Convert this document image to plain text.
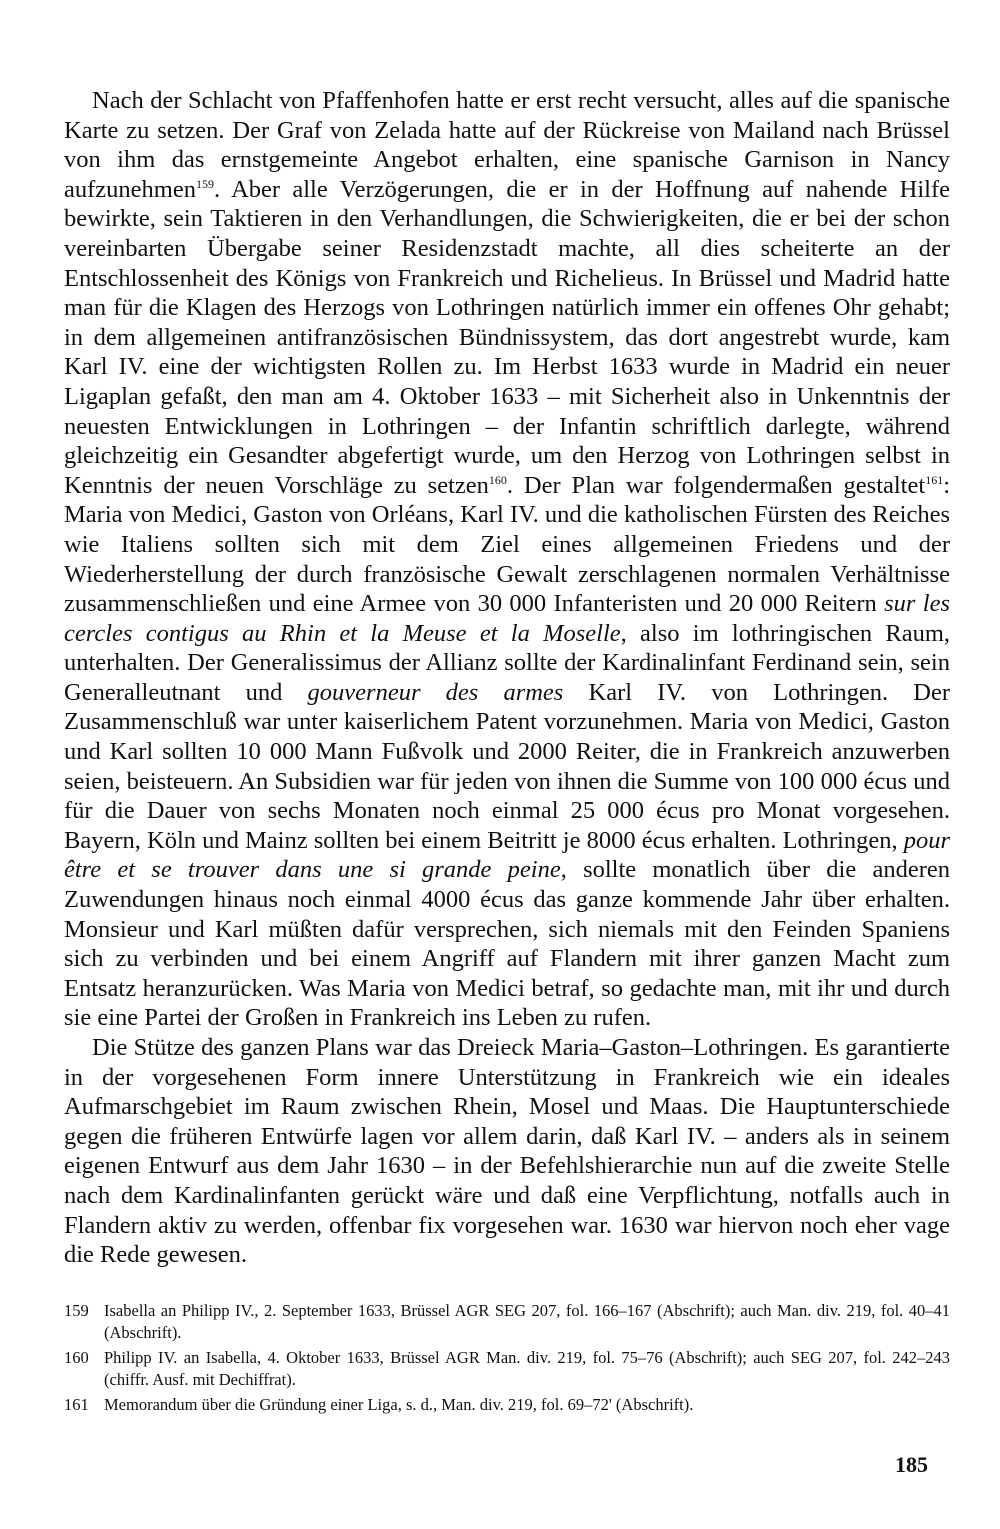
Nach der Schlacht von Pfaffenhofen hatte er erst recht versucht, alles auf die spanische Karte zu setzen. Der Graf von Zelada hatte auf der Rückreise von Mailand nach Brüssel von ihm das ernstgemeinte Angebot erhalten, eine spanische Garnison in Nancy aufzunehmen$^{159}$. Aber alle Verzögerungen, die er in der Hoffnung auf nahende Hilfe bewirkte, sein Taktieren in den Verhandlungen, die Schwierigkeiten, die er bei der schon vereinbarten Übergabe seiner Residenzstadt machte, all dies scheiterte an der Entschlossenheit des Königs von Frankreich und Richelieus. In Brüssel und Madrid hatte man für die Klagen des Herzogs von Lothringen natürlich immer ein offenes Ohr gehabt; in dem allgemeinen antifranzösischen Bündnissystem, das dort angestrebt wurde, kam Karl IV. eine der wichtigsten Rollen zu. Im Herbst 1633 wurde in Madrid ein neuer Ligaplan gefaßt, den man am 4. Oktober 1633 – mit Sicherheit also in Unkenntnis der neuesten Entwicklungen in Lothringen – der Infantin schriftlich darlegte, während gleichzeitig ein Gesandter abgefertigt wurde, um den Herzog von Lothringen selbst in Kenntnis der neuen Vorschläge zu setzen$^{160}$. Der Plan war folgendermaßen gestaltet$^{161}$: Maria von Medici, Gaston von Orléans, Karl IV. und die katholischen Fürsten des Reiches wie Italiens sollten sich mit dem Ziel eines allgemeinen Friedens und der Wiederherstellung der durch französische Gewalt zerschlagenen normalen Verhältnisse zusammenschließen und eine Armee von 30 000 Infanteristen und 20 000 Reitern sur les cercles contigus au Rhin et la Meuse et la Moselle, also im lothringischen Raum, unterhalten. Der Generalissimus der Allianz sollte der Kardinalinfant Ferdinand sein, sein Generalleutnant und gouverneur des armes Karl IV. von Lothringen. Der Zusammenschluß war unter kaiserlichem Patent vorzunehmen. Maria von Medici, Gaston und Karl sollten 10 000 Mann Fußvolk und 2000 Reiter, die in Frankreich anzuwerben seien, beisteuern. An Subsidien war für jeden von ihnen die Summe von 100 000 écus und für die Dauer von sechs Monaten noch einmal 25 000 écus pro Monat vorgesehen. Bayern, Köln und Mainz sollten bei einem Beitritt je 8000 écus erhalten. Lothringen, pour être et se trouver dans une si grande peine, sollte monatlich über die anderen Zuwendungen hinaus noch einmal 4000 écus das ganze kommende Jahr über erhalten. Monsieur und Karl müßten dafür versprechen, sich niemals mit den Feinden Spaniens sich zu verbinden und bei einem Angriff auf Flandern mit ihrer ganzen Macht zum Entsatz heranzurücken. Was Maria von Medici betraf, so gedachte man, mit ihr und durch sie eine Partei der Großen in Frankreich ins Leben zu rufen.

Die Stütze des ganzen Plans war das Dreieck Maria–Gaston–Lothringen. Es garantierte in der vorgesehenen Form innere Unterstützung in Frankreich wie ein ideales Aufmarschgebiet im Raum zwischen Rhein, Mosel und Maas. Die Hauptunterschiede gegen die früheren Entwürfe lagen vor allem darin, daß Karl IV. – anders als in seinem eigenen Entwurf aus dem Jahr 1630 – in der Befehlshierarchie nun auf die zweite Stelle nach dem Kardinalinfanten gerückt wäre und daß eine Verpflichtung, notfalls auch in Flandern aktiv zu werden, offenbar fix vorgesehen war. 1630 war hiervon noch eher vage die Rede gewesen.

159 Isabella an Philipp IV., 2. September 1633, Brüssel AGR SEG 207, fol. 166–167 (Abschrift); auch Man. div. 219, fol. 40–41 (Abschrift).
160 Philipp IV. an Isabella, 4. Oktober 1633, Brüssel AGR Man. div. 219, fol. 75–76 (Abschrift); auch SEG 207, fol. 242–243 (chiffr. Ausf. mit Dechiffrat).
161 Memorandum über die Gründung einer Liga, s. d., Man. div. 219, fol. 69–72' (Abschrift).
185
